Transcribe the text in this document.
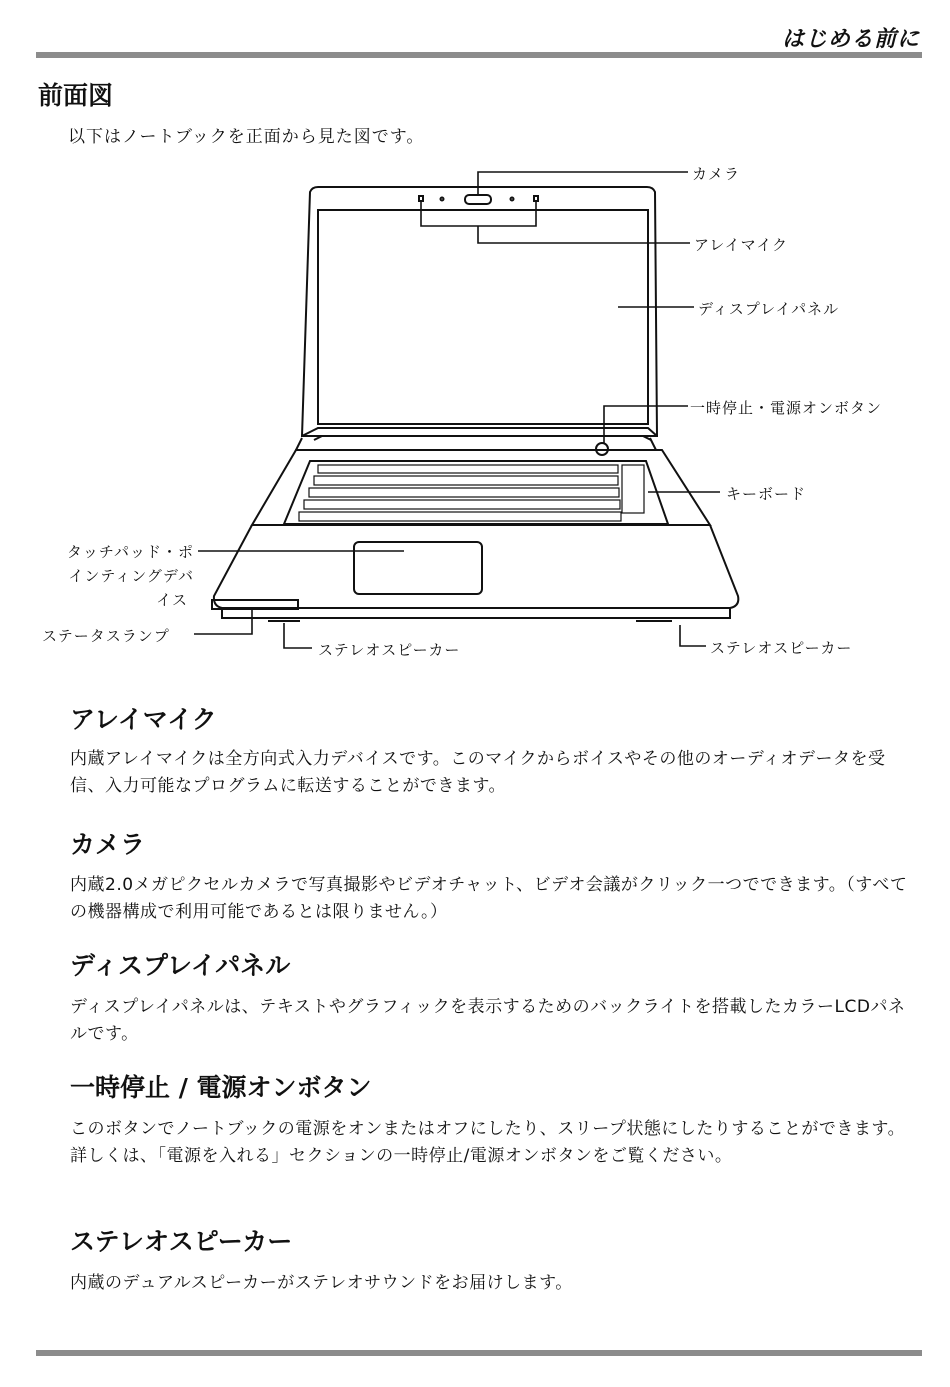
はじめる前に
前面図
以下はノートブックを正面から見た図です。
カメラ
アレイマイク
ディスプレイパネル
一時停止・電源オンボタン
キーボード
タッチパッド・ポ
インティングデバ
イス
ステータスランプ
ステレオスピーカー	ステレオスピーカー
アレイマイク
内蔵アレイマイクは全方向式入力デバイスです。このマイクからボイスやその他のオーディオデータを受信、入力可能なプログラムに転送することができます。
カメラ
内蔵2.0メガピクセルカメラで写真撮影やビデオチャット、ビデオ会議がクリック一つでできます。（すべての機器構成で利用可能であるとは限りません。）
ディスプレイパネル
ディスプレイパネルは、テキストやグラフィックを表示するためのバックライトを搭載したカラーLCDパネルです。
一時停止 / 電源オンボタン
このボタンでノートブックの電源をオンまたはオフにしたり、スリープ状態にしたりすることができます。詳しくは、「電源を入れる」セクションの一時停止/電源オンボタンをご覧ください。
ステレオスピーカー
内蔵のデュアルスピーカーがステレオサウンドをお届けします。
